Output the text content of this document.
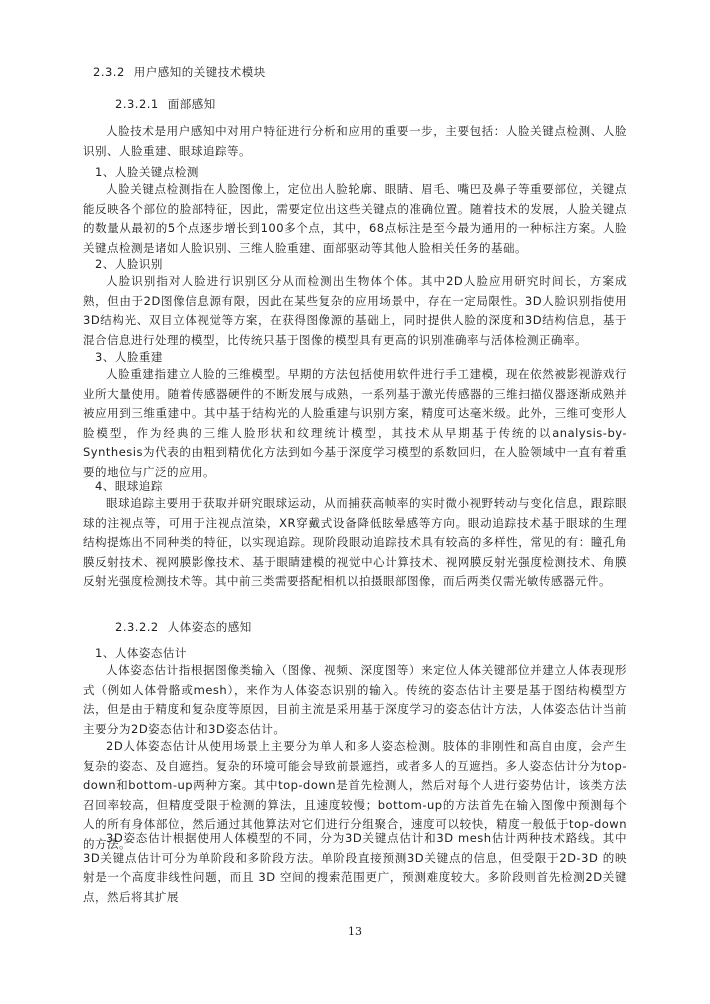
2.3.2 用户感知的关键技术模块
2.3.2.1 面部感知

人脸技术是用户感知中对用户特征进行分析和应用的重要一步，主要包括：人脸关键点检测、人脸识别、人脸重建、眼球追踪等。

1、人脸关键点检测

人脸关键点检测指在人脸图像上，定位出人脸轮廓、眼睛、眉毛、嘴巴及鼻子等重要部位，关键点能反映各个部位的脸部特征，因此，需要定位出这些关键点的准确位置。随着技术的发展，人脸关键点的数量从最初的5个点逐步增长到100多个点，其中，68点标注是至今最为通用的一种标注方案。人脸关键点检测是诸如人脸识别、三维人脸重建、面部驱动等其他人脸相关任务的基础。

2、人脸识别

人脸识别指对人脸进行识别区分从而检测出生物体个体。其中2D人脸应用研究时间长，方案成熟，但由于2D图像信息源有限，因此在某些复杂的应用场景中，存在一定局限性。3D人脸识别指使用3D结构光、双目立体视觉等方案，在获得图像源的基础上，同时提供人脸的深度和3D结构信息，基于混合信息进行处理的模型，比传统只基于图像的模型具有更高的识别准确率与活体检测正确率。

3、人脸重建

人脸重建指建立人脸的三维模型。早期的方法包括使用软件进行手工建模，现在依然被影视游戏行业所大量使用。随着传感器硬件的不断发展与成熟，一系列基于激光传感器的三维扫描仪器逐渐成熟并被应用到三维重建中。其中基于结构光的人脸重建与识别方案，精度可达毫米级。此外，三维可变形人脸模型，作为经典的三维人脸形状和纹理统计模型，其技术从早期基于传统的以analysis-by-Synthesis为代表的由粗到精优化方法到如今基于深度学习模型的系数回归，在人脸领域中一直有着重要的地位与广泛的应用。

4、眼球追踪

眼球追踪主要用于获取并研究眼球运动，从而捕获高帧率的实时微小视野转动与变化信息，跟踪眼球的注视点等，可用于注视点渲染，XR穿戴式设备降低眩晕感等方向。眼动追踪技术基于眼球的生理结构提炼出不同种类的特征，以实现追踪。现阶段眼动追踪技术具有较高的多样性，常见的有：瞳孔角膜反射技术、视网膜影像技术、基于眼睛建模的视觉中心计算技术、视网膜反射光强度检测技术、角膜反射光强度检测技术等。其中前三类需要搭配相机以拍摄眼部图像，而后两类仅需光敏传感器元件。

2.3.2.2 人体姿态的感知

1、人体姿态估计

人体姿态估计指根据图像类输入（图像、视频、深度图等）来定位人体关键部位并建立人体表现形式（例如人体骨骼或mesh），来作为人体姿态识别的输入。传统的姿态估计主要是基于图结构模型方法，但是由于精度和复杂度等原因，目前主流是采用基于深度学习的姿态估计方法，人体姿态估计当前主要分为2D姿态估计和3D姿态估计。

2D人体姿态估计从使用场景上主要分为单人和多人姿态检测。肢体的非刚性和高自由度，会产生复杂的姿态、及自遮挡。复杂的环境可能会导致前景遮挡，或者多人的互遮挡。多人姿态估计分为top-down和bottom-up两种方案。其中top-down是首先检测人，然后对每个人进行姿势估计，该类方法召回率较高，但精度受限于检测的算法，且速度较慢；bottom-up的方法首先在输入图像中预测每个人的所有身体部位，然后通过其他算法对它们进行分组聚合，速度可以较快，精度一般低于top-down的方法。

3D姿态估计根据使用人体模型的不同，分为3D关键点估计和3D mesh估计两种技术路线。其中3D关键点估计可分为单阶段和多阶段方法。单阶段直接预测3D关键点的信息，但受限于2D-3D 的映射是一个高度非线性问题，而且 3D 空间的搜索范围更广，预测难度较大。多阶段则首先检测2D关键点，然后将其扩展

13
